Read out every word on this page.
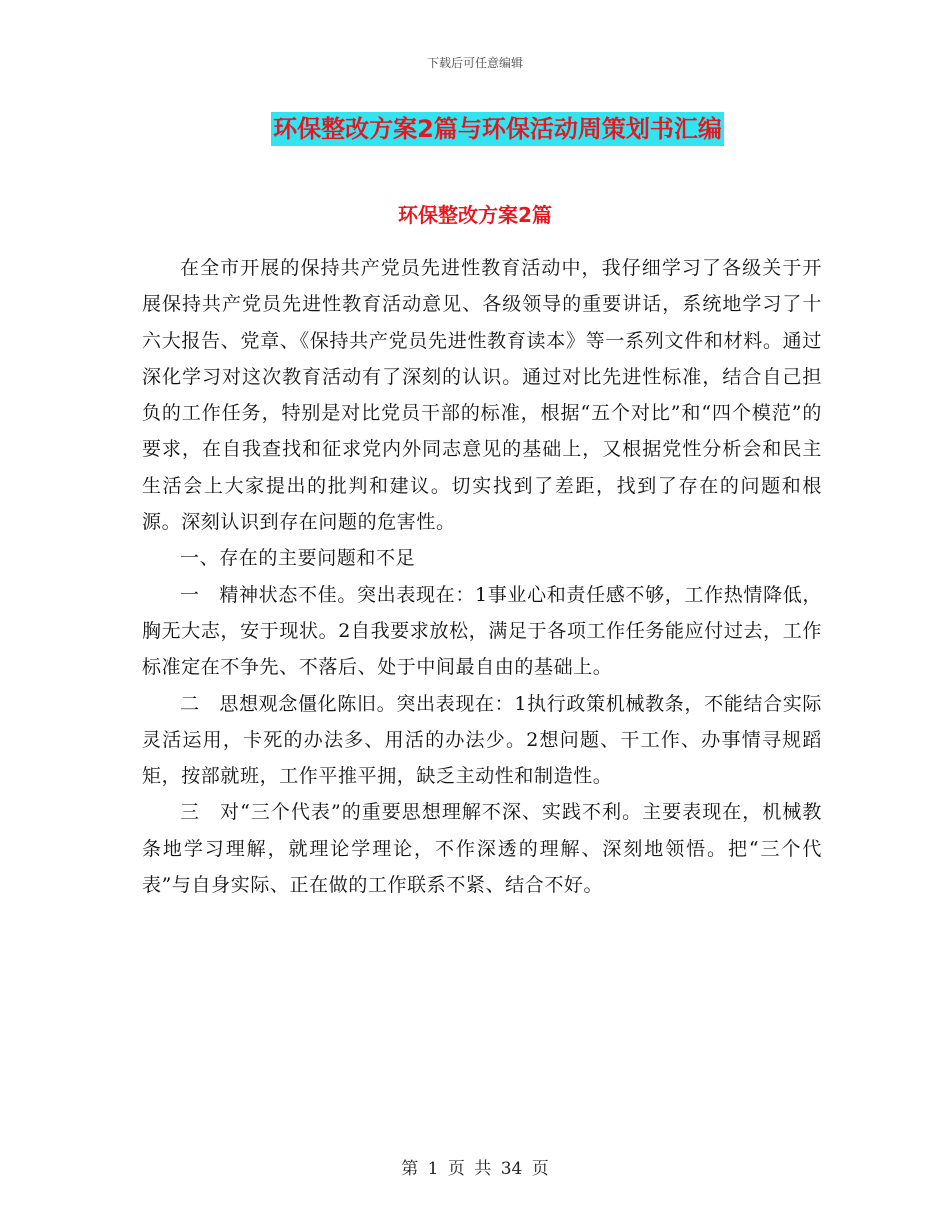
下载后可任意编辑
环保整改方案2篇与环保活动周策划书汇编
环保整改方案2篇

在全市开展的保持共产党员先进性教育活动中，我仔细学习了各级关于开展保持共产党员先进性教育活动意见、各级领导的重要讲话，系统地学习了十六大报告、党章、《保持共产党员先进性教育读本》等一系列文件和材料。通过深化学习对这次教育活动有了深刻的认识。通过对比先进性标准，结合自己担负的工作任务，特别是对比党员干部的标准，根据“五个对比”和“四个模范”的要求，在自我查找和征求党内外同志意见的基础上，又根据党性分析会和民主生活会上大家提出的批判和建议。切实找到了差距，找到了存在的问题和根源。深刻认识到存在问题的危害性。

一、存在的主要问题和不足

一　精神状态不佳。突出表现在：1事业心和责任感不够，工作热情降低，胸无大志，安于现状。2自我要求放松，满足于各项工作任务能应付过去，工作标准定在不争先、不落后、处于中间最自由的基础上。

二　思想观念僵化陈旧。突出表现在：1执行政策机械教条，不能结合实际灵活运用，卡死的办法多、用活的办法少。2想问题、干工作、办事情寻规蹈矩，按部就班，工作平推平拥，缺乏主动性和制造性。

三　对“三个代表”的重要思想理解不深、实践不利。主要表现在，机械教条地学习理解，就理论学理论，不作深透的理解、深刻地领悟。把“三个代表”与自身实际、正在做的工作联系不紧、结合不好。

第 1 页 共 34 页
